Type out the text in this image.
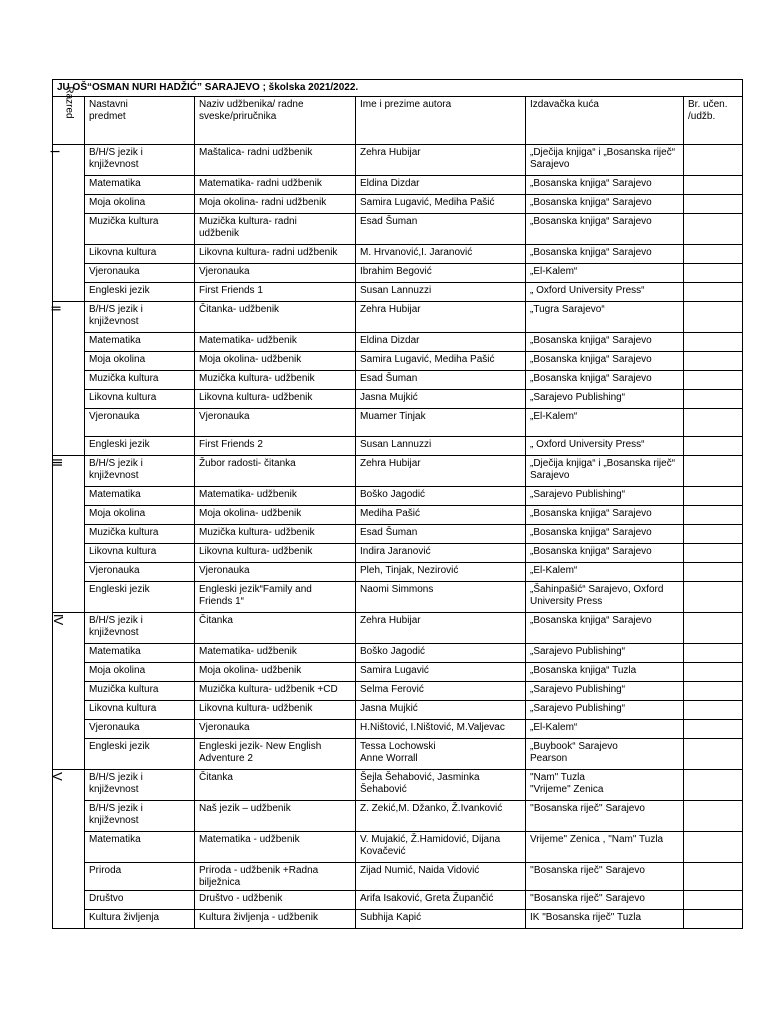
JU OŠ“OSMAN NURI HADŽIĆ” SARAJEVO ; školska 2021/2022.					
Razred	Nastavni
predmet	Naziv udžbenika/ radne
sveske/priručnika	Ime i prezime autora	Izdavačka kuća	Br. učen.
/udžb.
I	B/H/S jezik i
književnost	Maštalica- radni udžbenik	Zehra Hubijar	„Dječija knjiga“ i „Bosanska riječ“
Sarajevo	
	Matematika	Matematika- radni udžbenik	Eldina Dizdar	„Bosanska knjiga“ Sarajevo	
	Moja okolina	Moja okolina- radni udžbenik	Samira Lugavić, Mediha Pašić	„Bosanska knjiga“ Sarajevo	
	Muzička kultura	Muzička kultura- radni
udžbenik	Esad Šuman	„Bosanska knjiga“ Sarajevo	
	Likovna kultura	Likovna kultura- radni udžbenik	M. Hrvanović,I. Jaranović	„Bosanska knjiga“ Sarajevo	
	Vjeronauka	Vjeronauka	Ibrahim Begović	„El-Kalem“	
	Engleski jezik	First Friends 1	Susan Lannuzzi	„ Oxford University Press“	
II	B/H/S jezik i
književnost	Čitanka- udžbenik	Zehra Hubijar	„Tugra Sarajevo“	
	Matematika	Matematika- udžbenik	Eldina Dizdar	„Bosanska knjiga“ Sarajevo	
	Moja okolina	Moja okolina- udžbenik	Samira Lugavić, Mediha Pašić	„Bosanska knjiga“ Sarajevo	
	Muzička kultura	Muzička kultura- udžbenik	Esad Šuman	„Bosanska knjiga“ Sarajevo	
	Likovna kultura	Likovna kultura- udžbenik	Jasna Mujkić	„Sarajevo Publishing“	
	Vjeronauka	Vjeronauka	Muamer Tinjak	„El-Kalem“	
	Engleski jezik	First Friends 2	Susan Lannuzzi	„ Oxford University Press“	
III	B/H/S jezik i
književnost	Žubor radosti- čitanka	Zehra Hubijar	„Dječija knjiga“ i „Bosanska riječ“
Sarajevo	
	Matematika	Matematika- udžbenik	Boško Jagodić	„Sarajevo Publishing“	
	Moja okolina	Moja okolina- udžbenik	Mediha Pašić	„Bosanska knjiga“ Sarajevo	
	Muzička kultura	Muzička kultura- udžbenik	Esad Šuman	„Bosanska knjiga“ Sarajevo	
	Likovna kultura	Likovna kultura- udžbenik	Indira Jaranović	„Bosanska knjiga“ Sarajevo	
	Vjeronauka	Vjeronauka	Pleh, Tinjak, Nezirović	„El-Kalem“	
	Engleski jezik	Engleski jezik“Family and
Friends 1“	Naomi Simmons	„Šahinpašić“ Sarajevo, Oxford
University Press	
IV	B/H/S jezik i
književnost	Čitanka	Zehra Hubijar	„Bosanska knjiga“ Sarajevo	
	Matematika	Matematika- udžbenik	Boško Jagodić	„Sarajevo Publishing“	
	Moja okolina	Moja okolina- udžbenik	Samira Lugavić	„Bosanska knjiga“ Tuzla	
	Muzička kultura	Muzička kultura- udžbenik +CD	Selma Ferović	„Sarajevo Publishing“	
	Likovna kultura	Likovna kultura- udžbenik	Jasna Mujkić	„Sarajevo Publishing“	
	Vjeronauka	Vjeronauka	H.Ništović, I.Ništović, M.Valjevac	„El-Kalem“	
	Engleski jezik	Engleski jezik- New English
Adventure 2	Tessa Lochowski
Anne Worrall	„Buybook“ Sarajevo
Pearson	
V	B/H/S jezik i
književnost	Čitanka	Šejla Šehabović, Jasminka
Šehabović	"Nam" Tuzla
"Vrijeme" Zenica	
	B/H/S jezik i
književnost	Naš jezik – udžbenik	Z. Zekić,M. Džanko, Ž.Ivanković	''Bosanska riječ'' Sarajevo	
	Matematika	Matematika - udžbenik	V. Mujakić, Ž.Hamidović, Dijana
Kovačević	Vrijeme" Zenica , "Nam" Tuzla	
	Priroda	Priroda - udžbenik +Radna
bilježnica	Zijad Numić, Naida Vidović	''Bosanska riječ'' Sarajevo	
	Društvo	Društvo - udžbenik	Arifa Isaković, Greta Župančić	''Bosanska riječ'' Sarajevo	
	Kultura življenja	Kultura življenja - udžbenik	Subhija Kapić	IK "Bosanska riječ" Tuzla	
